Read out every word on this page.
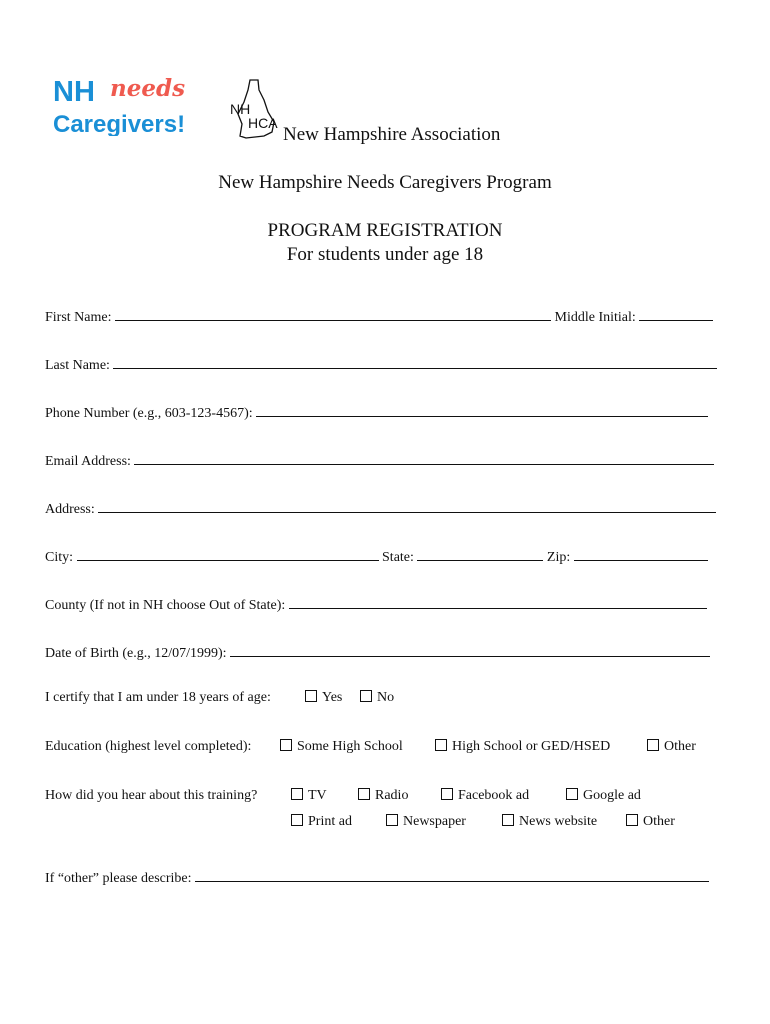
NH needs
Caregivers!
NH
HCA
New Hampshire Association
New Hampshire Needs Caregivers Program
PROGRAM REGISTRATION
For students under age 18
First Name:	Middle Initial:
Last Name:
Phone Number (e.g., 603-123-4567):
Email Address:
Address:
City:	State:	Zip:
County (If not in NH choose Out of State):
Date of Birth (e.g., 12/07/1999):
I certify that I am under 18 years of age:	Yes	No
Education (highest level completed):	Some High School	High School or GED/HSED	Other
How did you hear about this training?	TV	Radio	Facebook ad	Google ad
Print ad	Newspaper	News website	Other
If “other” please describe:
